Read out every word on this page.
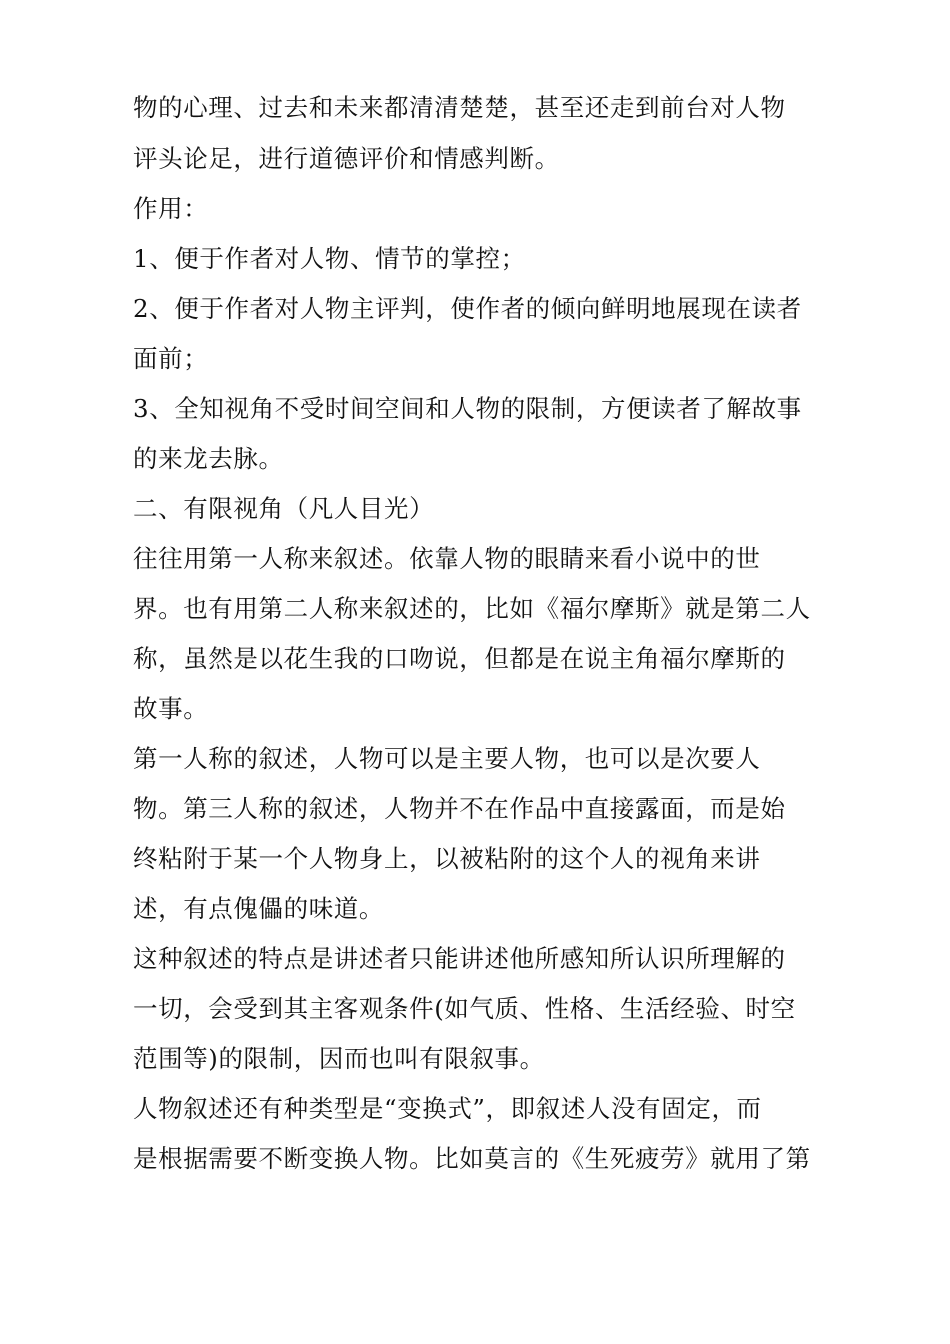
物的心理、过去和未来都清清楚楚，甚至还走到前台对人物
评头论足，进行道德评价和情感判断。
作用：
1、便于作者对人物、情节的掌控；
2、便于作者对人物主评判，使作者的倾向鲜明地展现在读者
面前；
3、全知视角不受时间空间和人物的限制，方便读者了解故事
的来龙去脉。
二、有限视角（凡人目光）
往往用第一人称来叙述。依靠人物的眼睛来看小说中的世
界。也有用第二人称来叙述的，比如《福尔摩斯》就是第二人
称，虽然是以花生我的口吻说，但都是在说主角福尔摩斯的
故事。
第一人称的叙述，人物可以是主要人物，也可以是次要人
物。第三人称的叙述，人物并不在作品中直接露面，而是始
终粘附于某一个人物身上，以被粘附的这个人的视角来讲
述，有点傀儡的味道。
这种叙述的特点是讲述者只能讲述他所感知所认识所理解的
一切，会受到其主客观条件(如气质、性格、生活经验、时空
范围等)的限制，因而也叫有限叙事。
人物叙述还有种类型是“变换式”，即叙述人没有固定，而
是根据需要不断变换人物。比如莫言的《生死疲劳》就用了第
